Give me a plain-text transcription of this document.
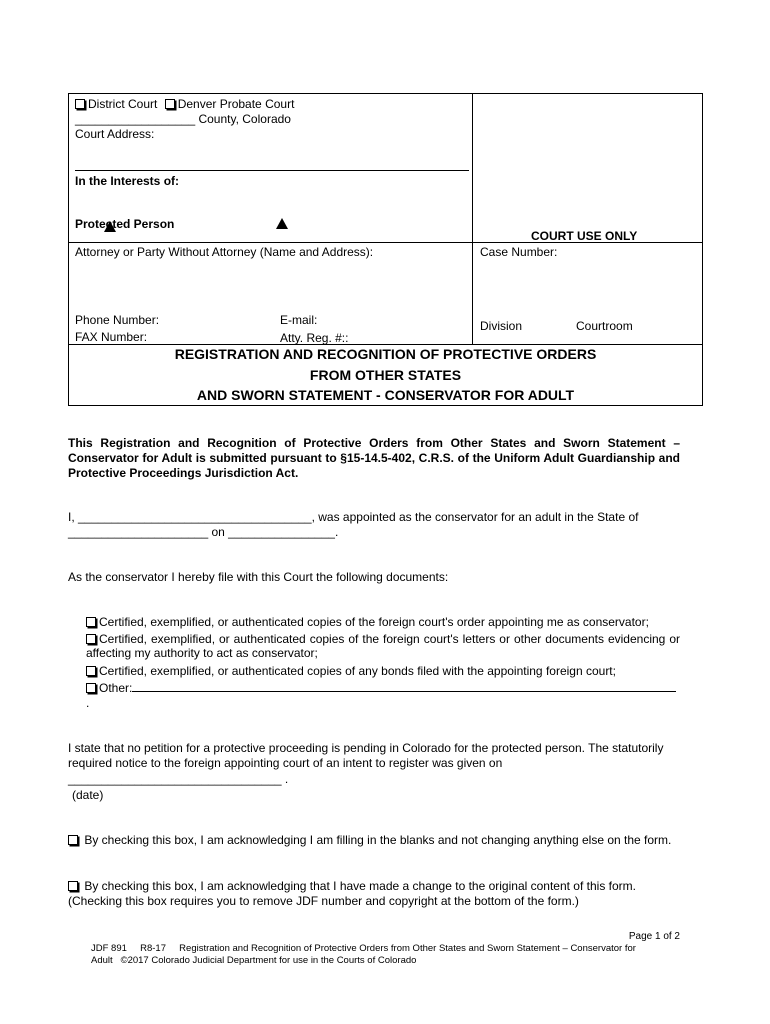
District Court Denver Probate Court
__________________ County, Colorado
Court Address:
In the Interests of:
Protected Person
COURT USE ONLY
Attorney or Party Without Attorney (Name and Address):	Case Number:
Phone Number:	E-mail:
FAX Number:	Atty. Reg. #::
Division	Courtroom
REGISTRATION AND RECOGNITION OF PROTECTIVE ORDERS
FROM OTHER STATES
AND SWORN STATEMENT - CONSERVATOR FOR ADULT
This Registration and Recognition of Protective Orders from Other States and Sworn Statement – Conservator for Adult is submitted pursuant to §15-14.5-402, C.R.S. of the Uniform Adult Guardianship and Protective Proceedings Jurisdiction Act.
I, ___________________________________, was appointed as the conservator for an adult in the State of
_____________________ on ________________.
As the conservator I hereby file with this Court the following documents:
Certified, exemplified, or authenticated copies of the foreign court's order appointing me as conservator;
Certified, exemplified, or authenticated copies of the foreign court's letters or other documents evidencing or affecting my authority to act as conservator;
Certified, exemplified, or authenticated copies of any bonds filed with the appointing foreign court;
Other:
.
I state that no petition for a protective proceeding is pending in Colorado for the protected person. The statutorily required notice to the foreign appointing court of an intent to register was given on
________________________________ .
(date)
By checking this box, I am acknowledging I am filling in the blanks and not changing anything else on the form.
By checking this box, I am acknowledging that I have made a change to the original content of this form. (Checking this box requires you to remove JDF number and copyright at the bottom of the form.)
Page 1 of 2
JDF 891     R8-17     Registration and Recognition of Protective Orders from Other States and Sworn Statement – Conservator for
Adult   ©2017 Colorado Judicial Department for use in the Courts of Colorado
